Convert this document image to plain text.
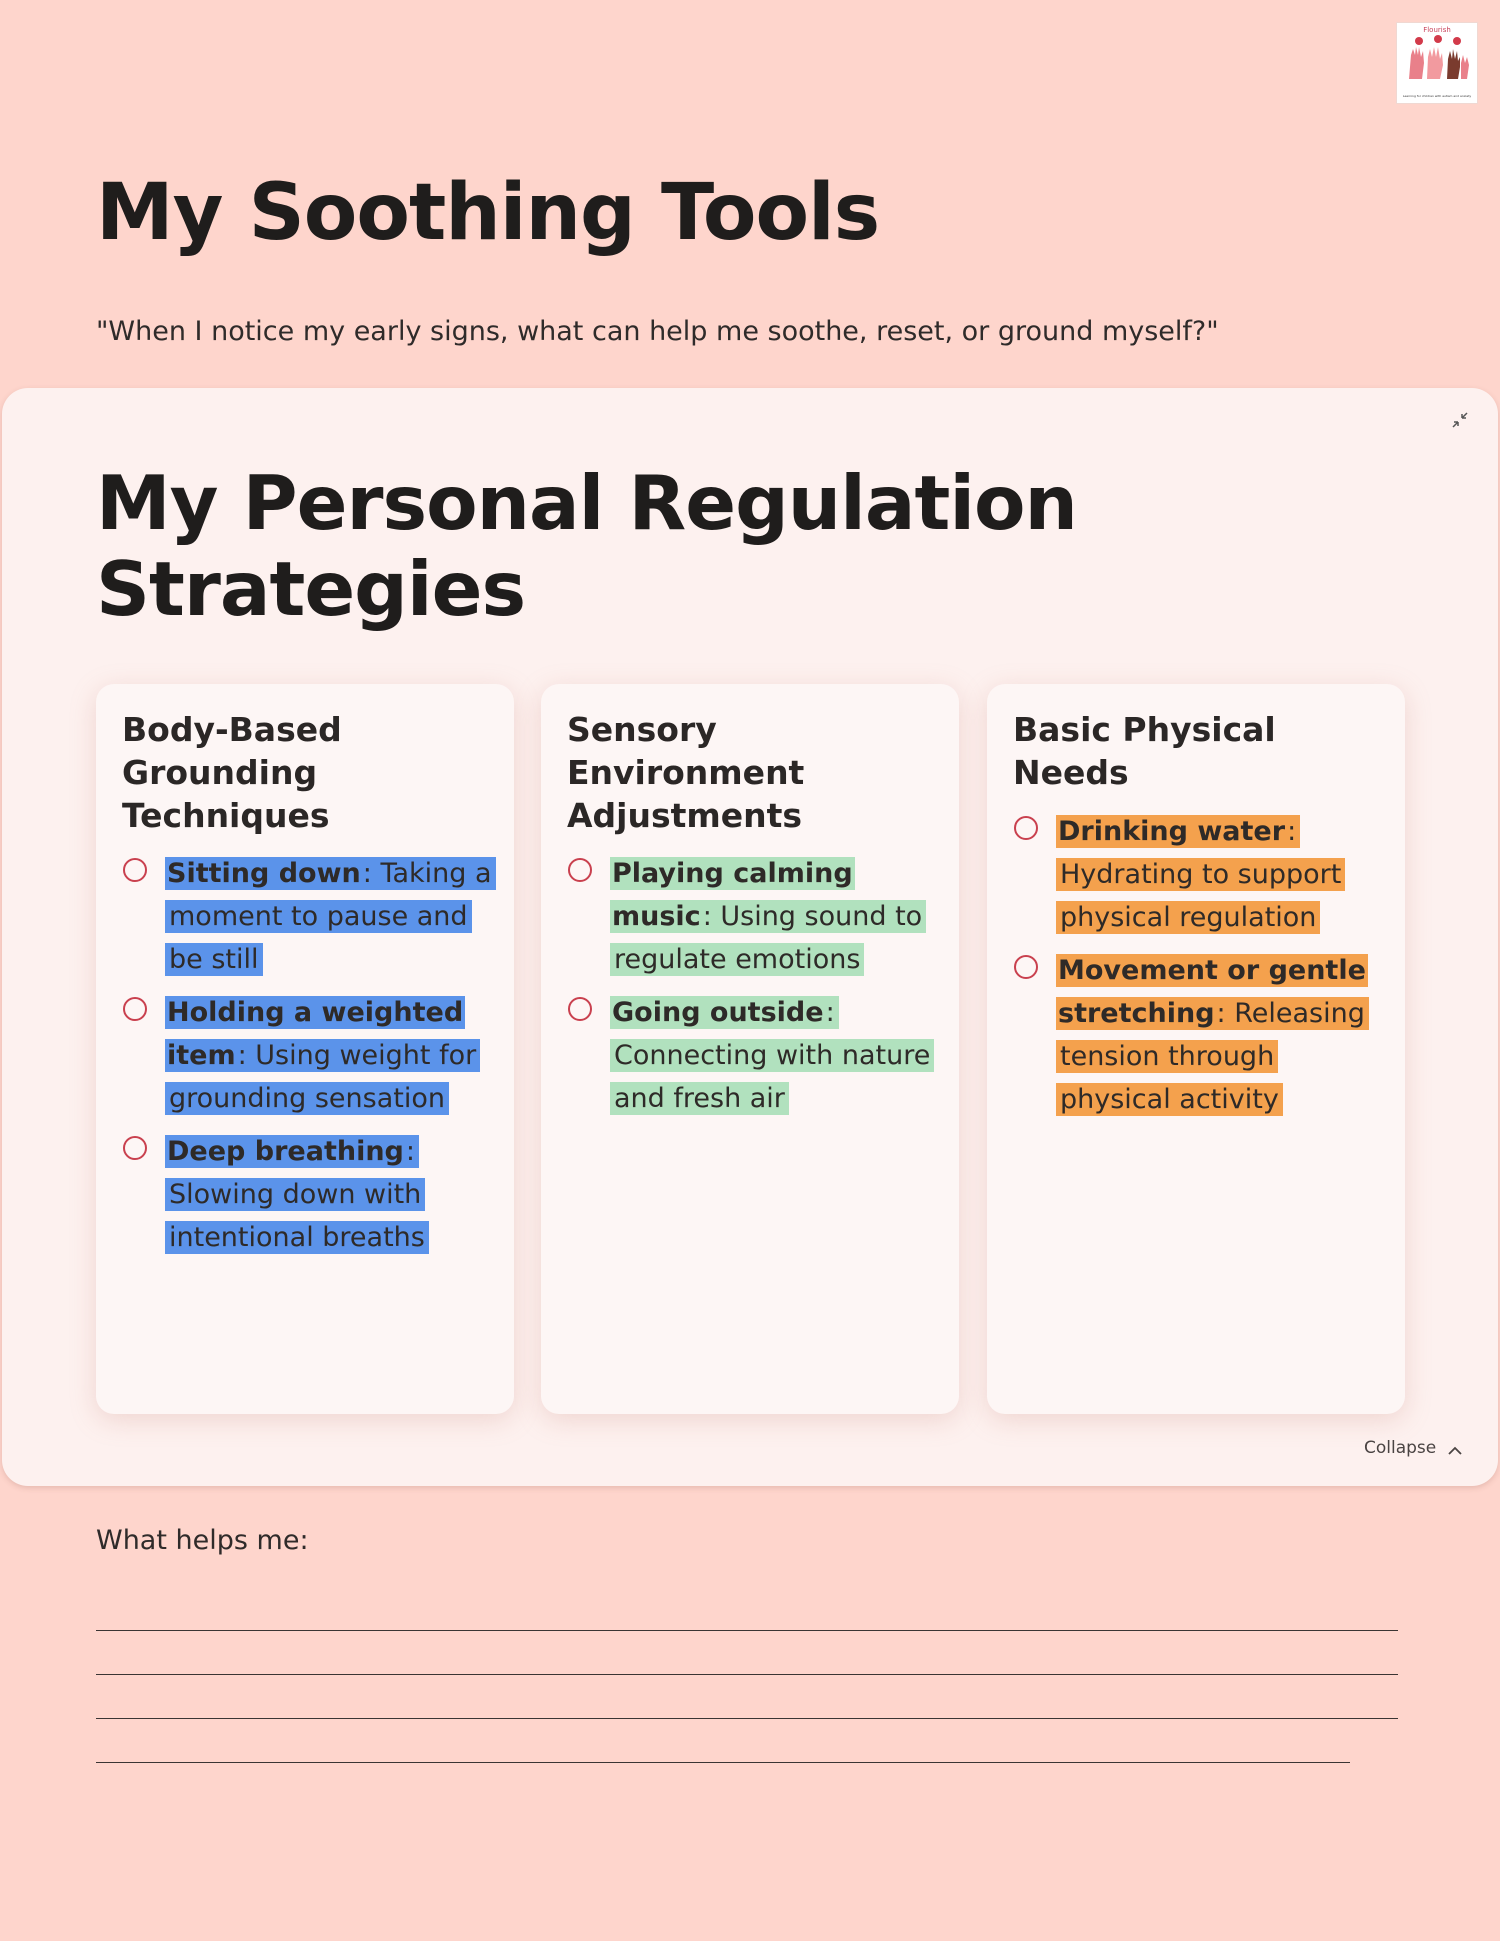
Flourish
Learning for children with autism and anxiety
My Soothing Tools

"When I notice my early signs, what can help me soothe, reset, or ground myself?"

My Personal Regulation Strategies
Body-Based Grounding Techniques
Sitting down: Taking a moment to pause and be still
Holding a weighted item: Using weight for grounding sensation
Deep breathing: Slowing down with intentional breaths
Sensory Environment Adjustments
Playing calming music: Using sound to regulate emotions
Going outside: Connecting with nature and fresh air
Basic Physical Needs
Drinking water: Hydrating to support physical regulation
Movement or gentle stretching: Releasing tension through physical activity
Collapse

What helps me:
